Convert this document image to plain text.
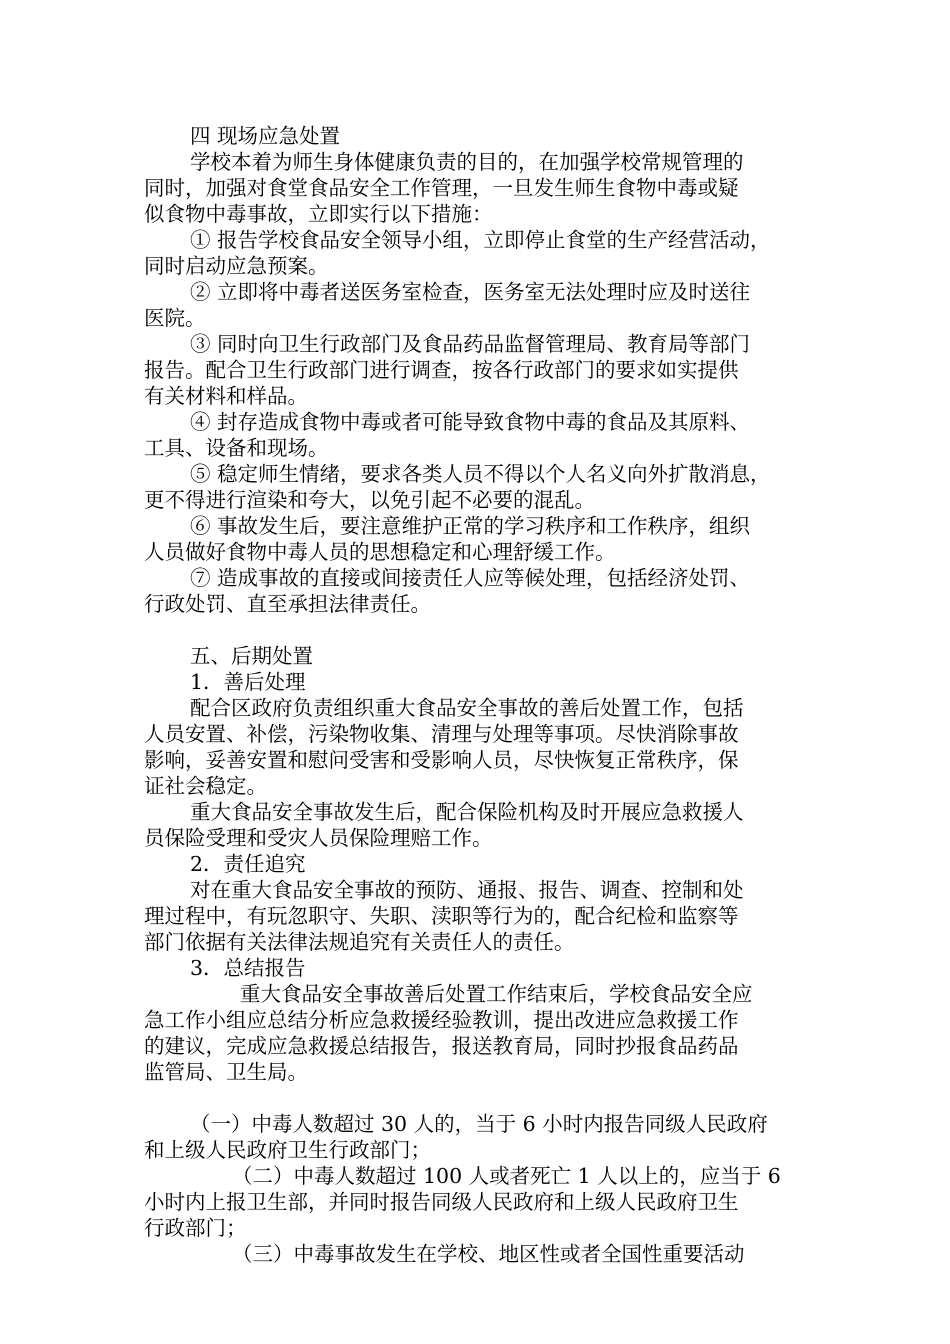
四 现场应急处置
学校本着为师生身体健康负责的目的，在加强学校常规管理的
同时，加强对食堂食品安全工作管理，一旦发生师生食物中毒或疑
似食物中毒事故，立即实行以下措施：
① 报告学校食品安全领导小组，立即停止食堂的生产经营活动，
同时启动应急预案。
② 立即将中毒者送医务室检查，医务室无法处理时应及时送往
医院。
③ 同时向卫生行政部门及食品药品监督管理局、教育局等部门
报告。配合卫生行政部门进行调查，按各行政部门的要求如实提供
有关材料和样品。
④ 封存造成食物中毒或者可能导致食物中毒的食品及其原料、
工具、设备和现场。
⑤ 稳定师生情绪，要求各类人员不得以个人名义向外扩散消息，
更不得进行渲染和夸大，以免引起不必要的混乱。
⑥ 事故发生后，要注意维护正常的学习秩序和工作秩序，组织
人员做好食物中毒人员的思想稳定和心理舒缓工作。
⑦ 造成事故的直接或间接责任人应等候处理，包括经济处罚、
行政处罚、直至承担法律责任。
五、后期处置
1．善后处理
配合区政府负责组织重大食品安全事故的善后处置工作，包括
人员安置、补偿，污染物收集、清理与处理等事项。尽快消除事故
影响，妥善安置和慰问受害和受影响人员，尽快恢复正常秩序，保
证社会稳定。
重大食品安全事故发生后，配合保险机构及时开展应急救援人
员保险受理和受灾人员保险理赔工作。
2．责任追究
对在重大食品安全事故的预防、通报、报告、调查、控制和处
理过程中，有玩忽职守、失职、渎职等行为的，配合纪检和监察等
部门依据有关法律法规追究有关责任人的责任。
3．总结报告
重大食品安全事故善后处置工作结束后，学校食品安全应
急工作小组应总结分析应急救援经验教训，提出改进应急救援工作
的建议，完成应急救援总结报告，报送教育局，同时抄报食品药品
监管局、卫生局。
（一）中毒人数超过 30 人的，当于 6 小时内报告同级人民政府
和上级人民政府卫生行政部门；
（二）中毒人数超过 100 人或者死亡 1 人以上的，应当于 6
小时内上报卫生部，并同时报告同级人民政府和上级人民政府卫生
行政部门；
（三）中毒事故发生在学校、地区性或者全国性重要活动
